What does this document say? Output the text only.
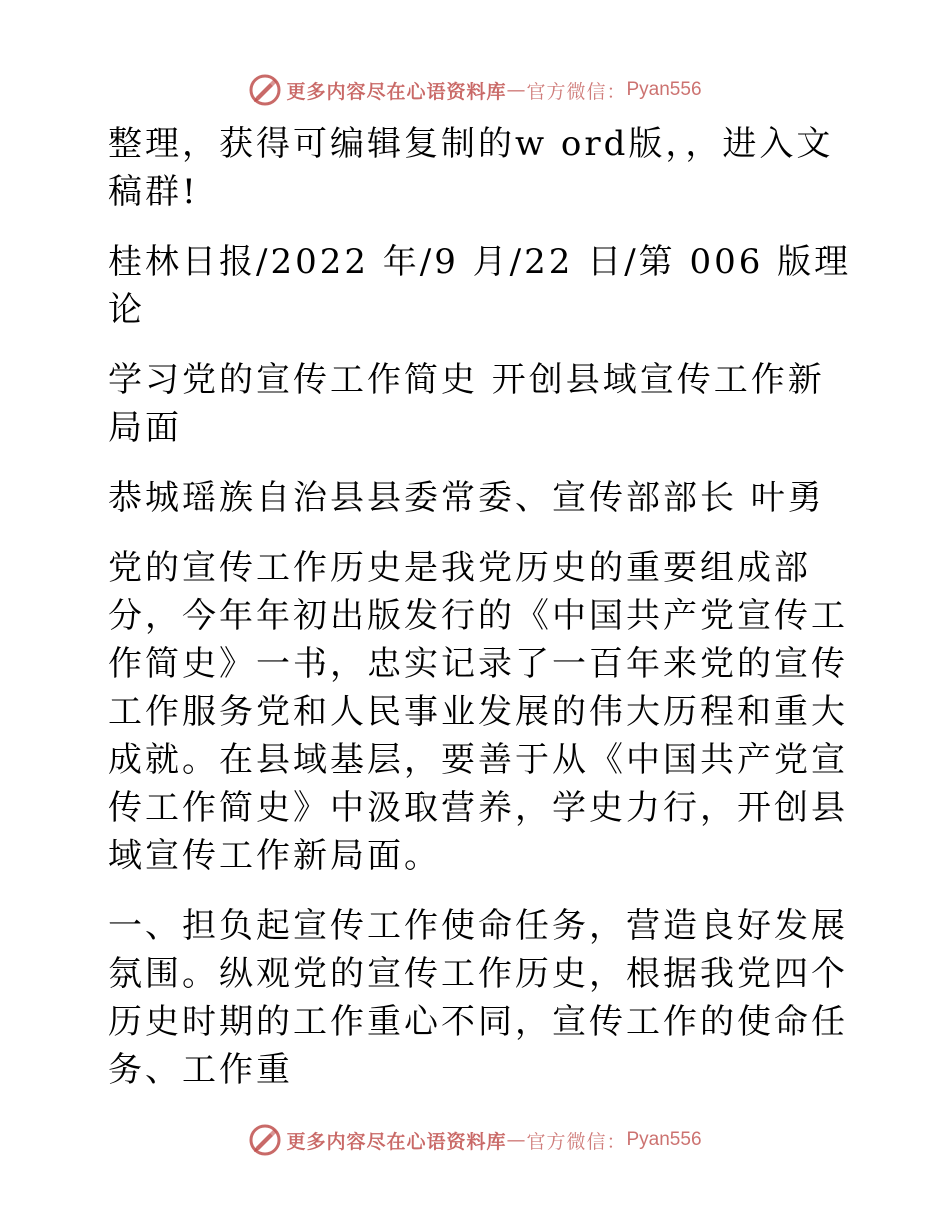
更多内容尽在心语资料库 — 官方微信： Pyan556

整理，获得可编辑复制的w ord版，，进入文稿群!

桂林日报/2022 年/9 月/22 日/第 006 版理论

学习党的宣传工作简史 开创县域宣传工作新局面

恭城瑶族自治县县委常委、宣传部部长 叶勇

党的宣传工作历史是我党历史的重要组成部分，今年年初出版发行的《中国共产党宣传工作简史》一书，忠实记录了一百年来党的宣传工作服务党和人民事业发展的伟大历程和重大成就。在县域基层，要善于从《中国共产党宣传工作简史》中汲取营养，学史力行，开创县域宣传工作新局面。

一、担负起宣传工作使命任务，营造良好发展氛围。纵观党的宣传工作历史，根据我党四个历史时期的工作重心不同，宣传工作的使命任务、工作重

更多内容尽在心语资料库 — 官方微信： Pyan556
